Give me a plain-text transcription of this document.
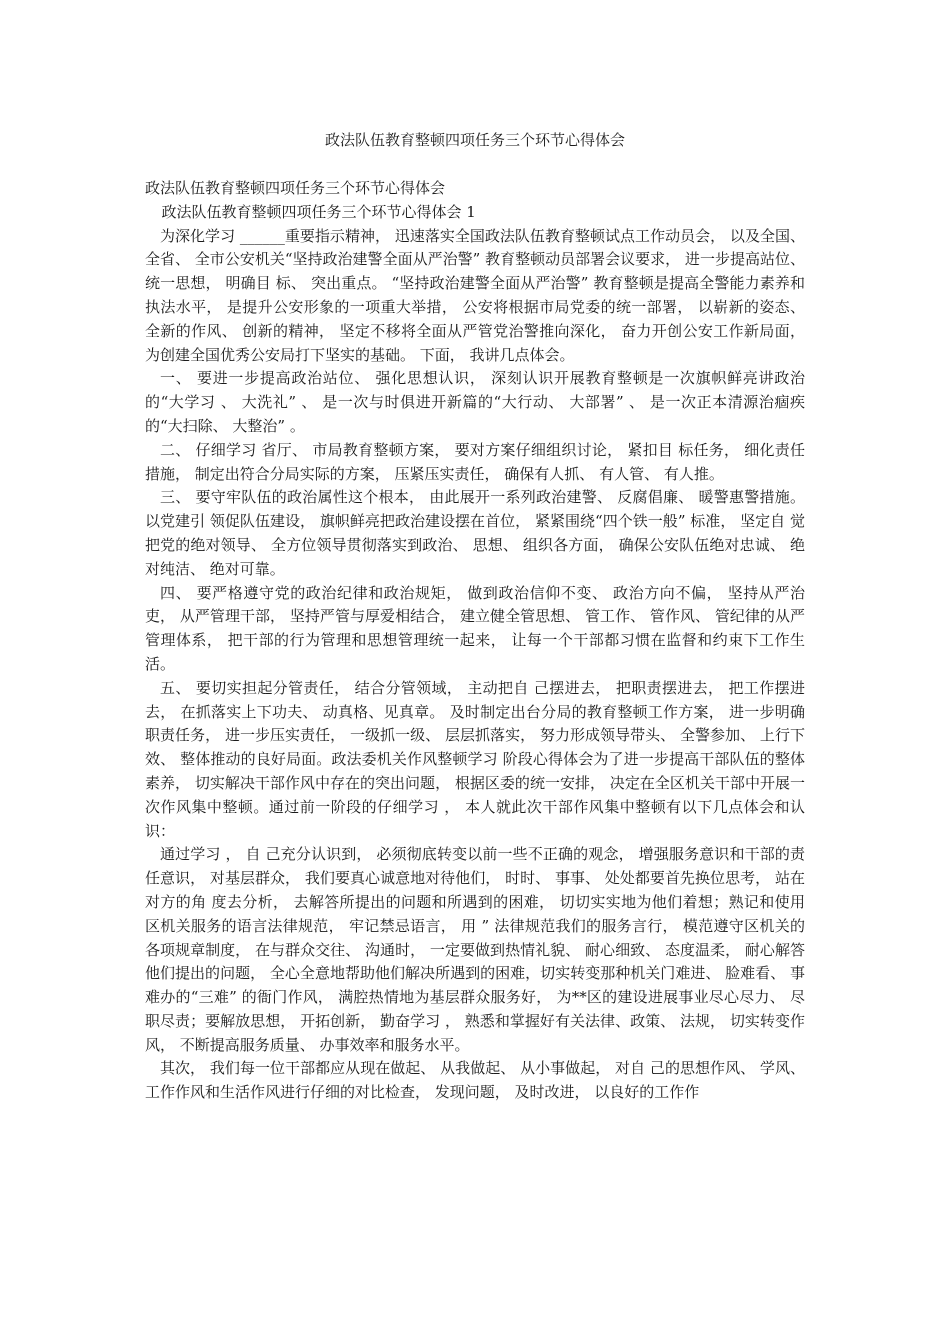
政法队伍教育整顿四项任务三个环节心得体会

政法队伍教育整顿四项任务三个环节心得体会

政法队伍教育整顿四项任务三个环节心得体会 1

为深化学习 ______重要指示精神， 迅速落实全国政法队伍教育整顿试点工作动员会， 以及全国、 全省、 全市公安机关“坚持政治建警全面从严治警” 教育整顿动员部署会议要求， 进一步提高站位、 统一思想， 明确目 标、 突出重点。 “坚持政治建警全面从严治警” 教育整顿是提高全警能力素养和执法水平， 是提升公安形象的一项重大举措， 公安将根据市局党委的统一部署， 以崭新的姿态、 全新的作风、 创新的精神， 坚定不移将全面从严管党治警推向深化， 奋力开创公安工作新局面， 为创建全国优秀公安局打下坚实的基础。 下面， 我讲几点体会。

一、 要进一步提高政治站位、 强化思想认识， 深刻认识开展教育整顿是一次旗帜鲜亮讲政治的“大学习 、 大洗礼” 、 是一次与时俱进开新篇的“大行动、 大部署” 、 是一次正本清源治痼疾的“大扫除、 大整治” 。

二、 仔细学习 省厅、 市局教育整顿方案， 要对方案仔细组织讨论， 紧扣目 标任务， 细化责任措施， 制定出符合分局实际的方案， 压紧压实责任， 确保有人抓、 有人管、 有人推。

三、 要守牢队伍的政治属性这个根本， 由此展开一系列政治建警、 反腐倡廉、 暖警惠警措施。 以党建引 领促队伍建设， 旗帜鲜亮把政治建设摆在首位， 紧紧围绕“四个铁一般” 标准， 坚定自 觉把党的绝对领导、 全方位领导贯彻落实到政治、 思想、 组织各方面， 确保公安队伍绝对忠诚、 绝对纯洁、 绝对可靠。

四、 要严格遵守党的政治纪律和政治规矩， 做到政治信仰不变、 政治方向不偏， 坚持从严治吏， 从严管理干部， 坚持严管与厚爱相结合， 建立健全管思想、 管工作、 管作风、 管纪律的从严管理体系， 把干部的行为管理和思想管理统一起来， 让每一个干部都习惯在监督和约束下工作生活。

五、 要切实担起分管责任， 结合分管领域， 主动把自 己摆进去， 把职责摆进去， 把工作摆进去， 在抓落实上下功夫、 动真格、见真章。 及时制定出台分局的教育整顿工作方案， 进一步明确职责任务， 进一步压实责任， 一级抓一级、 层层抓落实， 努力形成领导带头、 全警参加、 上行下效、 整体推动的良好局面。政法委机关作风整顿学习 阶段心得体会为了进一步提高干部队伍的整体素养， 切实解决干部作风中存在的突出问题， 根据区委的统一安排， 决定在全区机关干部中开展一次作风集中整顿。通过前一阶段的仔细学习 ， 本人就此次干部作风集中整顿有以下几点体会和认识：

通过学习 ， 自 己充分认识到， 必须彻底转变以前一些不正确的观念， 增强服务意识和干部的责任意识， 对基层群众， 我们要真心诚意地对待他们， 时时、 事事、 处处都要首先换位思考， 站在对方的角 度去分析， 去解答所提出的问题和所遇到的困难， 切切实实地为他们着想；熟记和使用 区机关服务的语言法律规范， 牢记禁忌语言， 用 ” 法律规范我们的服务言行， 模范遵守区机关的各项规章制度， 在与群众交往、 沟通时， 一定要做到热情礼貌、 耐心细致、 态度温柔， 耐心解答他们提出的问题， 全心全意地帮助他们解决所遇到的困难，切实转变那种机关门难进、 脸难看、 事难办的“三难” 的衙门作风， 满腔热情地为基层群众服务好， 为**区的建设进展事业尽心尽力、 尽职尽责；要解放思想， 开拓创新， 勤奋学习 ， 熟悉和掌握好有关法律、政策、 法规， 切实转变作风， 不断提高服务质量、 办事效率和服务水平。

其次， 我们每一位干部都应从现在做起、 从我做起、 从小事做起， 对自 己的思想作风、 学风、 工作作风和生活作风进行仔细的对比检查， 发现问题， 及时改进， 以良好的工作作
